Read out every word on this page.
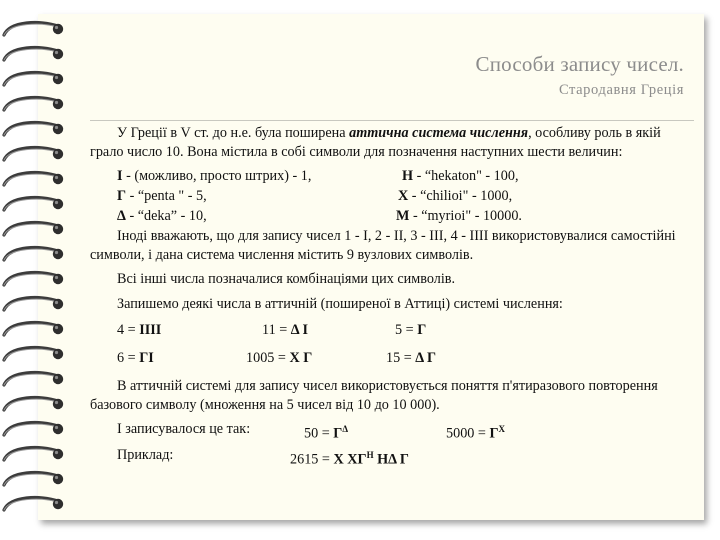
Способи запису чисел.
Стародавня Греція

У Греції в V ст. до н.е. була поширена аттична система числення, особливу роль в якій грало число 10. Вона містила в собі символи для позначення наступних шести величин:

I - (можливо, просто штрих) - 1,	H - “hekaton" - 100,
Г - “penta " - 5,	X - “chilioi" - 1000,
Δ - “deka” - 10,	M - “myrioi" - 10000.

Іноді вважають, що для запису чисел 1 - I, 2 - II, 3 - III, 4 - IIII використовувалися самостійні символи, і дана система числення містить 9 вузлових символів.

Всі інші числа позначалися комбінаціями цих символів.

Запишемо деякі числа в аттичній (поширеної в Аттиці) системі числення:

4 = IIII	11 = Δ I	5 = Г
6 = ГI	1005 = X Г	15 = Δ Г

В аттичній системі для запису чисел використовується поняття п'ятиразового повторення базового символу (множення на 5 чисел від 10 до 10 000).

І записувалося це так:	$50 = Г^\Delta$	$5000 = Г^X$
Приклад:	2615 = X $XГ^H$ HΔ Г
